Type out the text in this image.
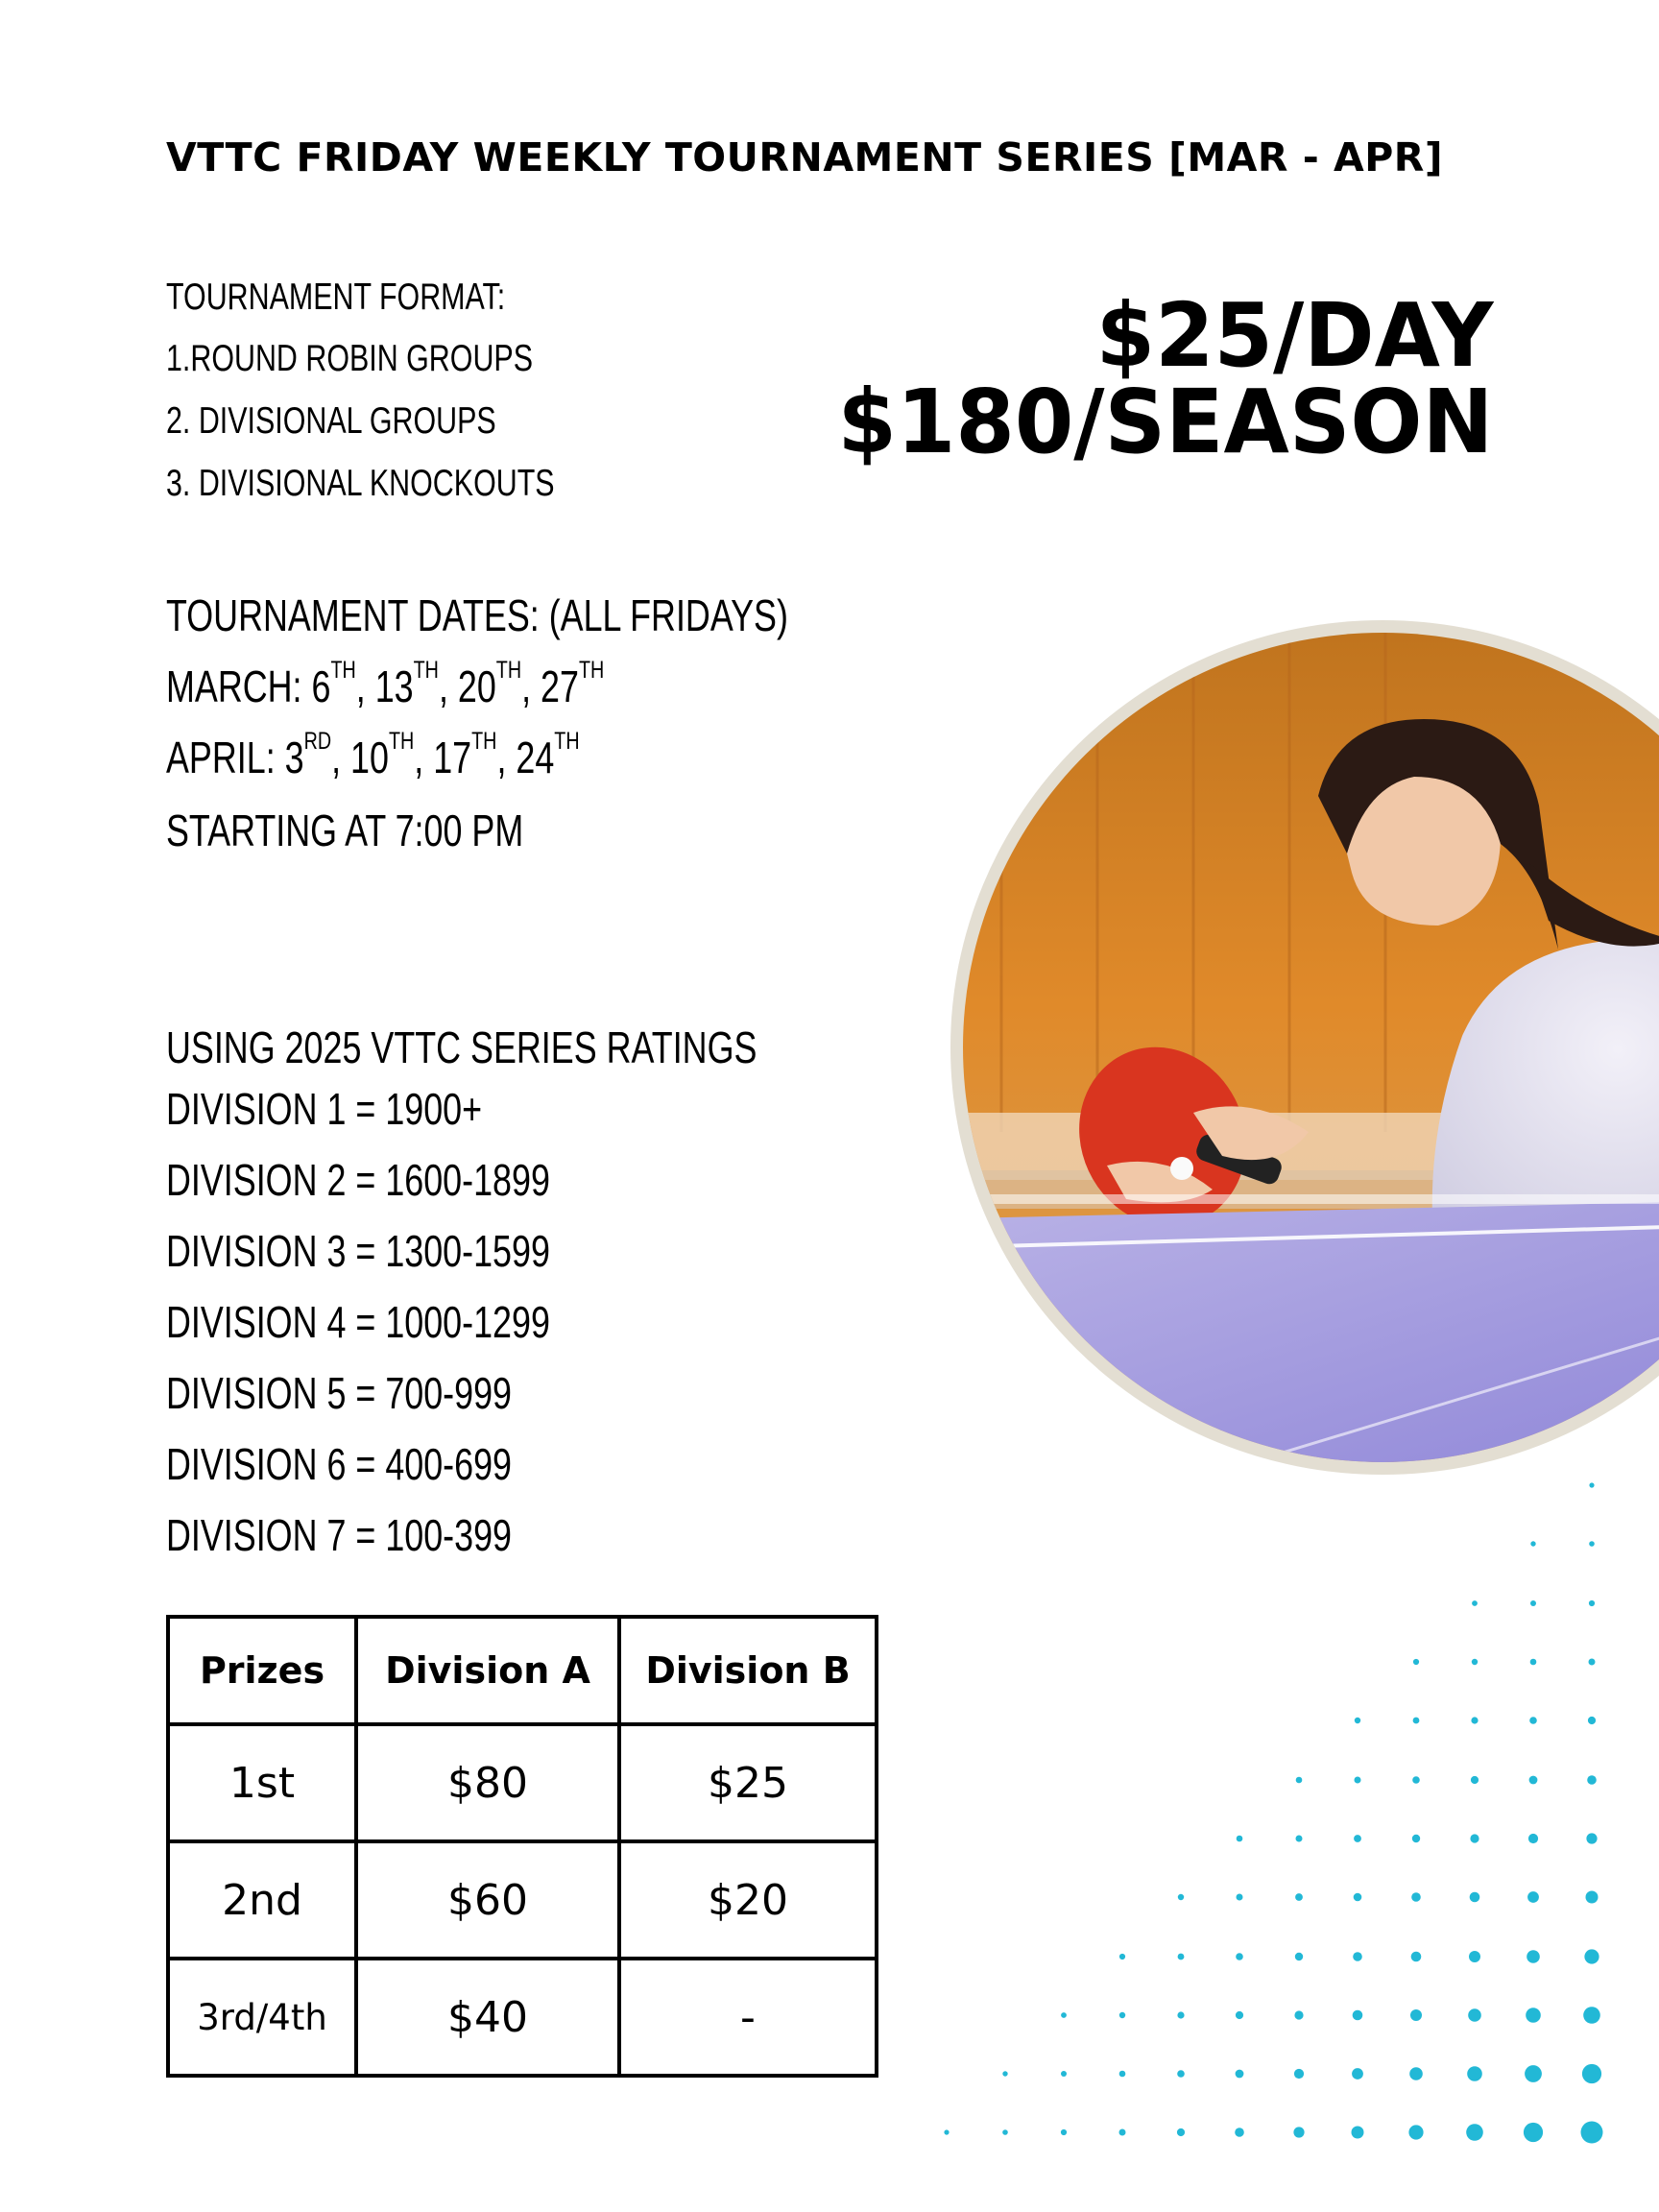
VTTC FRIDAY WEEKLY TOURNAMENT SERIES [MAR - APR]
TOURNAMENT FORMAT:
1.ROUND ROBIN GROUPS
2. DIVISIONAL GROUPS
3. DIVISIONAL KNOCKOUTS
$25/DAY
$180/SEASON
TOURNAMENT DATES: (ALL FRIDAYS)
MARCH: 6TH, 13TH, 20TH, 27TH
APRIL: 3RD, 10TH, 17TH, 24TH
STARTING AT 7:00 PM
USING 2025 VTTC SERIES RATINGS
DIVISION 1 = 1900+
DIVISION 2 = 1600-1899
DIVISION 3 = 1300-1599
DIVISION 4 = 1000-1299
DIVISION 5 = 700-999
DIVISION 6 = 400-699
DIVISION 7 = 100-399
Prizes	Division A	Division B
1st	$80	$25
2nd	$60	$20
3rd/4th	$40	-
